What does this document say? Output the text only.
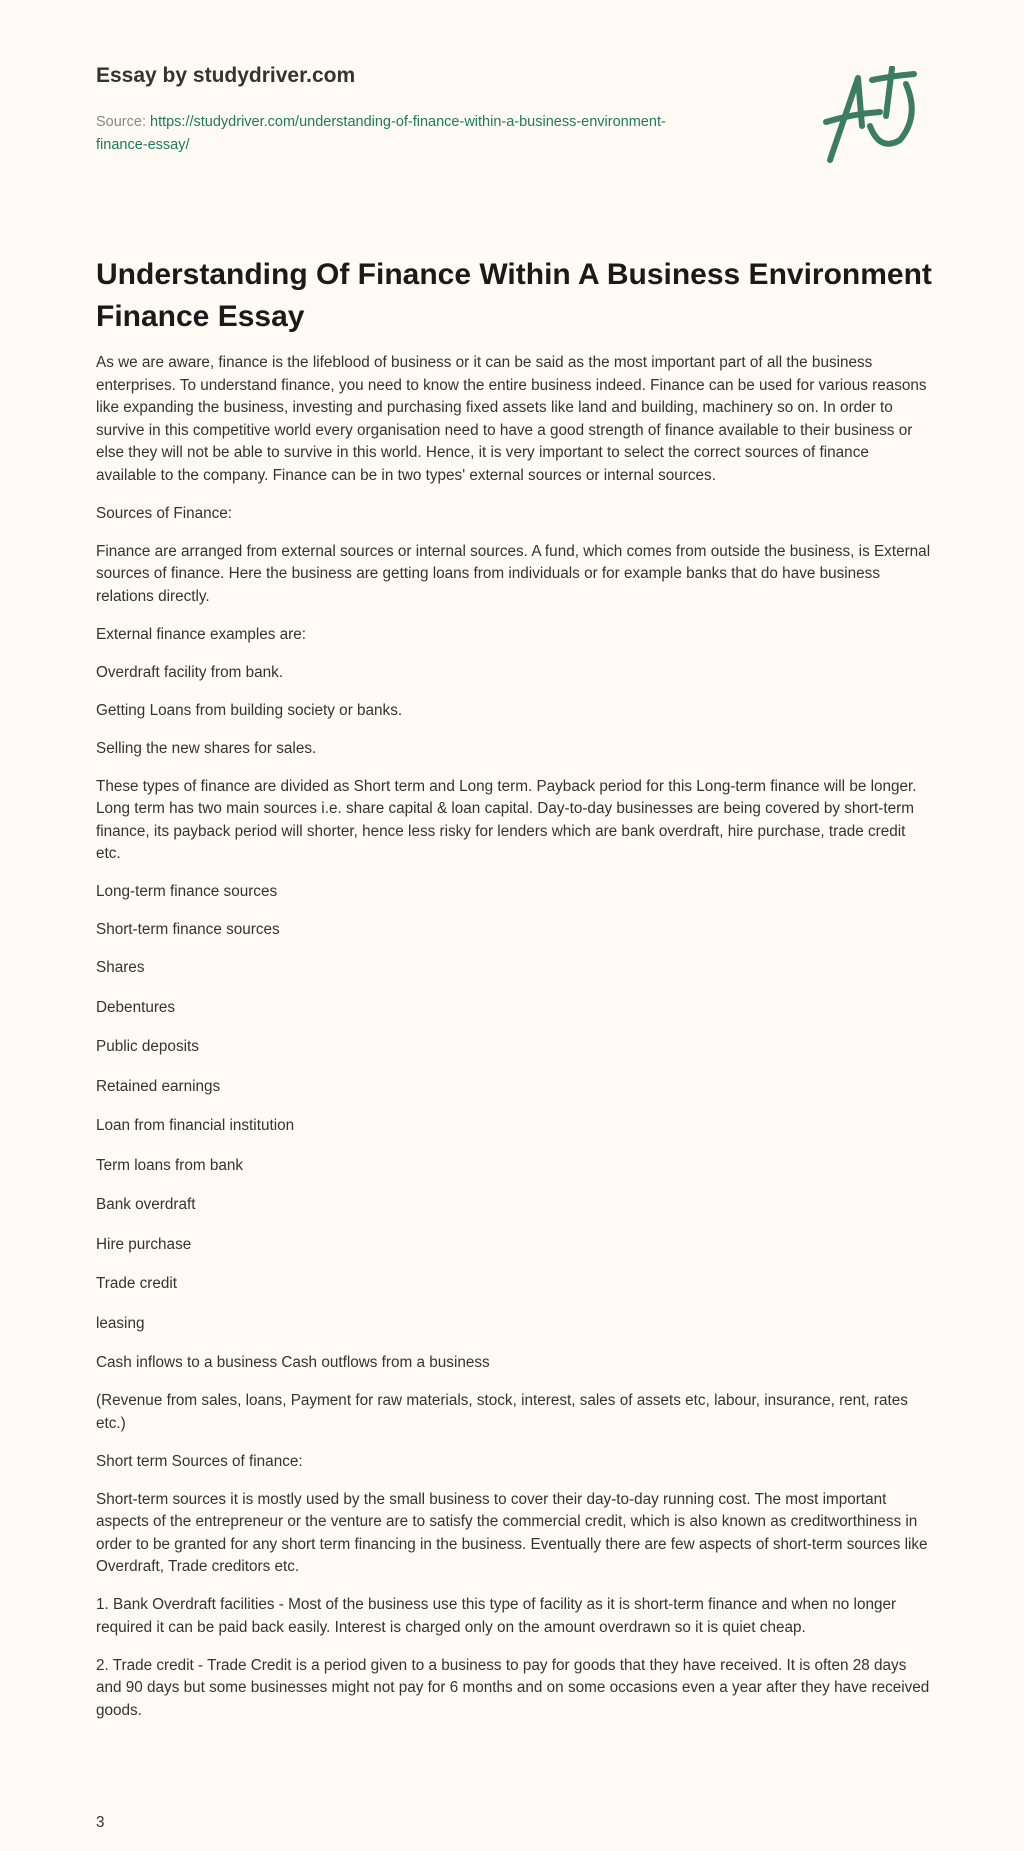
Essay by studydriver.com
Source: https://studydriver.com/understanding-of-finance-within-a-business-environment-finance-essay/
Understanding Of Finance Within A Business Environment Finance Essay

As we are aware, finance is the lifeblood of business or it can be said as the most important part of all the business enterprises. To understand finance, you need to know the entire business indeed. Finance can be used for various reasons like expanding the business, investing and purchasing fixed assets like land and building, machinery so on. In order to survive in this competitive world every organisation need to have a good strength of finance available to their business or else they will not be able to survive in this world. Hence, it is very important to select the correct sources of finance available to the company. Finance can be in two types' external sources or internal sources.

Sources of Finance:

Finance are arranged from external sources or internal sources. A fund, which comes from outside the business, is External sources of finance. Here the business are getting loans from individuals or for example banks that do have business relations directly.

External finance examples are:

Overdraft facility from bank.

Getting Loans from building society or banks.

Selling the new shares for sales.

These types of finance are divided as Short term and Long term. Payback period for this Long-term finance will be longer. Long term has two main sources i.e. share capital & loan capital. Day-to-day businesses are being covered by short-term finance, its payback period will shorter, hence less risky for lenders which are bank overdraft, hire purchase, trade credit etc.

Long-term finance sources

Short-term finance sources

Shares

Debentures

Public deposits

Retained earnings

Loan from financial institution

Term loans from bank

Bank overdraft

Hire purchase

Trade credit

leasing

Cash inflows to a business Cash outflows from a business

(Revenue from sales, loans, Payment for raw materials, stock, interest, sales of assets etc, labour, insurance, rent, rates etc.)

Short term Sources of finance:

Short-term sources it is mostly used by the small business to cover their day-to-day running cost. The most important aspects of the entrepreneur or the venture are to satisfy the commercial credit, which is also known as creditworthiness in order to be granted for any short term financing in the business. Eventually there are few aspects of short-term sources like Overdraft, Trade creditors etc.

1. Bank Overdraft facilities - Most of the business use this type of facility as it is short-term finance and when no longer required it can be paid back easily. Interest is charged only on the amount overdrawn so it is quiet cheap.

2. Trade credit - Trade Credit is a period given to a business to pay for goods that they have received. It is often 28 days and 90 days but some businesses might not pay for 6 months and on some occasions even a year after they have received goods.

3
